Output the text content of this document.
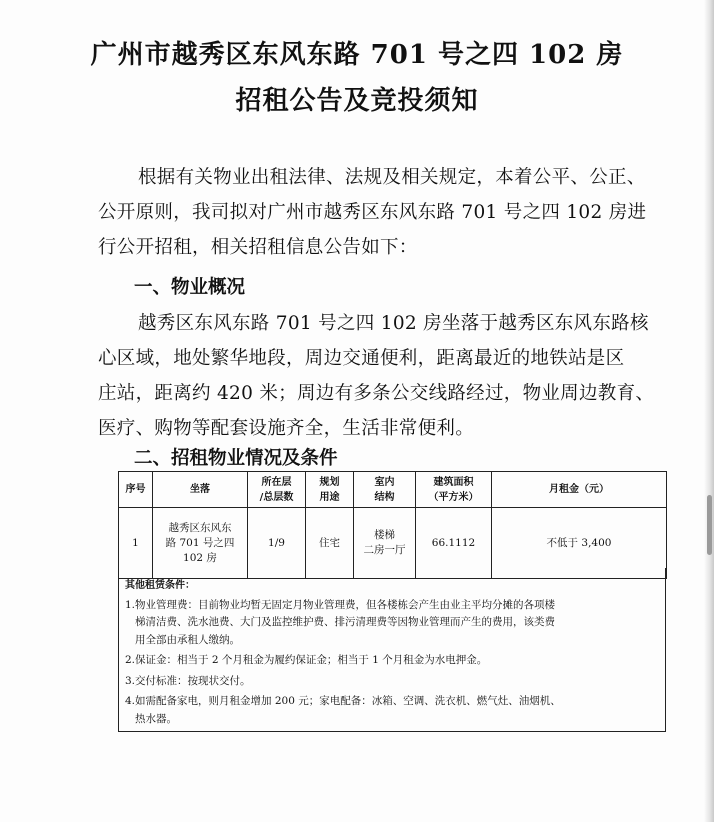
广州市越秀区东风东路 701 号之四 102 房
招租公告及竞投须知
根据有关物业出租法律、法规及相关规定，本着公平、公正、
公开原则，我司拟对广州市越秀区东风东路 701 号之四 102 房进
行公开招租，相关招租信息公告如下：
一、物业概况
越秀区东风东路 701 号之四 102 房坐落于越秀区东风东路核
心区域，地处繁华地段，周边交通便利，距离最近的地铁站是区
庄站，距离约 420 米；周边有多条公交线路经过，物业周边教育、
医疗、购物等配套设施齐全，生活非常便利。
二、招租物业情况及条件
序号	坐落	所在层
/总层数	规划
用途	室内
结构	建筑面积
（平方米）	月租金（元）
1	越秀区东风东
路 701 号之四
102 房	1/9	住宅	楼梯
二房一厅	66.1112	不低于 3,400
其他租赁条件：
1. 物业管理费：目前物业均暂无固定月物业管理费，但各楼栋会产生由业主平均分摊的各项楼
梯清洁费、洗水池费、大门及监控维护费、排污清理费等因物业管理而产生的费用，该类费
用全部由承租人缴纳。
2. 保证金：相当于 2 个月租金为履约保证金；相当于 1 个月租金为水电押金。
3. 交付标准：按现状交付。
4. 如需配备家电，则月租金增加 200 元；家电配备：冰箱、空调、洗衣机、燃气灶、油烟机、
热水器。
